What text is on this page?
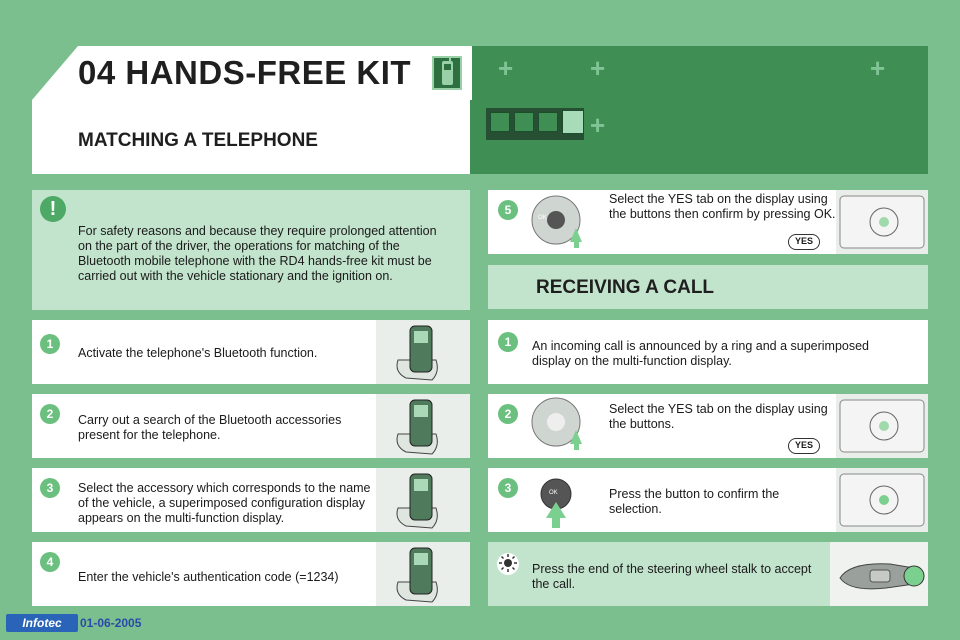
04 HANDS-FREE KIT
MATCHING A TELEPHONE
+	+	+
+
!
For safety reasons and because they require prolonged attention on the part of the driver, the operations for matching of the Bluetooth mobile telephone with the RD4 hands-free kit must be carried out with the vehicle stationary and the ignition on.
1
Activate the telephone's Bluetooth function.
2	Carry out a search of the Bluetooth accessories present for the telephone.
3	Select the accessory which corresponds to the name of the vehicle, a superimposed configuration display appears on the multi-function display.
4
Enter the vehicle's authentication code (=1234)
5
OK
Select the YES tab on the display using the buttons then confirm by pressing OK.
YES
RECEIVING A CALL
1	An incoming call is announced by a ring and a superimposed display on the multi-function display.
2	Select the YES tab on the display using the buttons.
YES
3	OK	Press the button to confirm the selection.
Press the end of the steering wheel stalk to accept the call.
Infotec	01-06-2005
